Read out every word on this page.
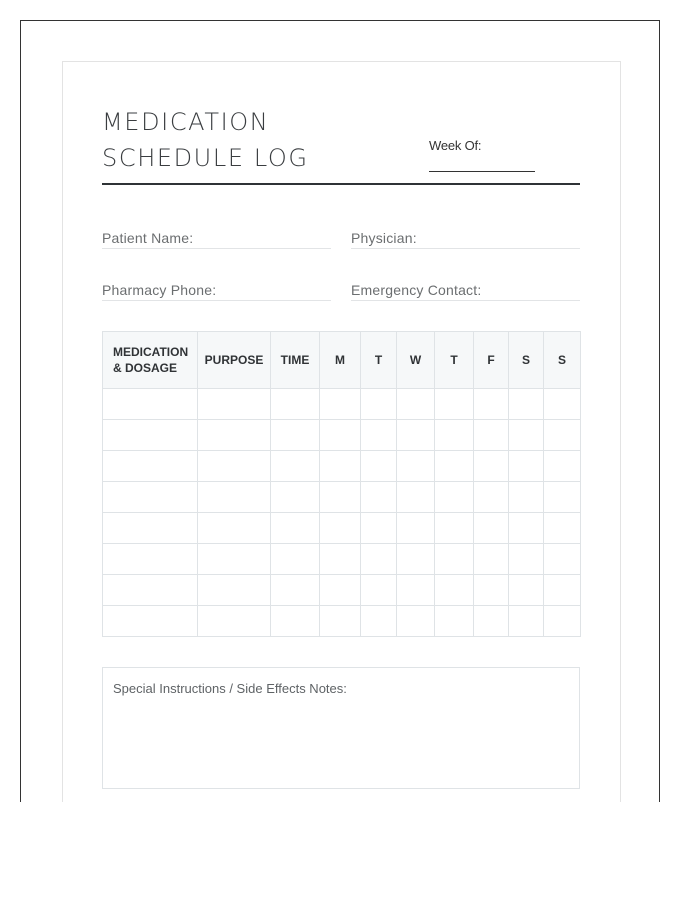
MEDICATION SCHEDULE LOG	Week Of:
Patient Name:	Physician:
Pharmacy Phone:	Emergency Contact:
MEDICATION
& DOSAGE	PURPOSE	TIME	M	T	W	T	F	S	S

Special Instructions / Side Effects Notes:
